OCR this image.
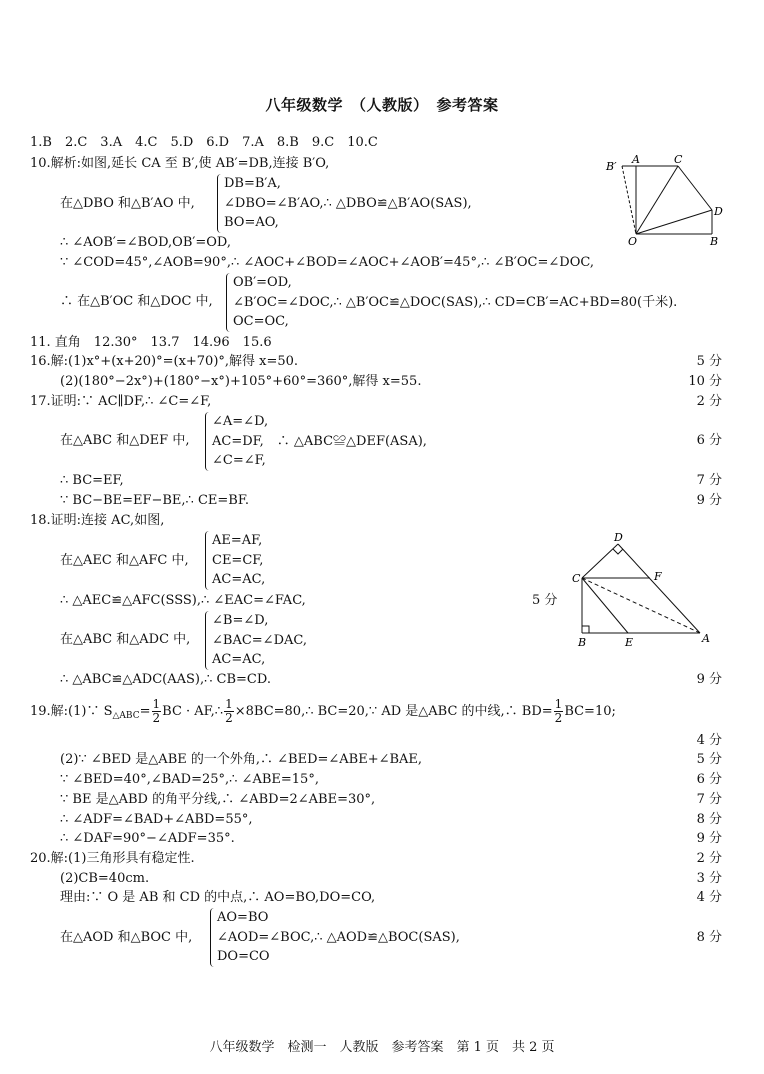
八年级数学　（人教版）　参考答案
1.B　2.C　3.A　4.C　5.D　6.D　7.A　8.B　9.C　10.C
10.解析:如图,延长 CA 至 B′,使 AB′=DB,连接 B′O,
在△DBO 和△B′AO 中,
DB=B′A,
∠DBO=∠B′AO,∴ △DBO≌△B′AO(SAS),
BO=AO,
∴ ∠AOB′=∠BOD,OB′=OD,
∵ ∠COD=45°,∠AOB=90°,∴ ∠AOC+∠BOD=∠AOC+∠AOB′=45°,∴ ∠B′OC=∠DOC,
∴ 在△B′OC 和△DOC 中,
OB′=OD,
∠B′OC=∠DOC,∴ △B′OC≌△DOC(SAS),∴ CD=CB′=AC+BD=80(千米).
OC=OC,
B′
A	C
D
O	B
11. 直角　12.30°　13.7　14.96　15.6
16.解:(1)x°+(x+20)°=(x+70)°,解得 x=50.	5 分
(2)(180°−2x°)+(180°−x°)+105°+60°=360°,解得 x=55.	10 分
17.证明:∵ AC∥DF,∴ ∠C=∠F,	2 分
在△ABC 和△DEF 中,
∠A=∠D,
AC=DF,　∴ △ABC≌△DEF(ASA),
∠C=∠F,
6 分
∴ BC=EF,	7 分
∵ BC−BE=EF−BE,∴ CE=BF.	9 分
18.证明:连接 AC,如图,
在△AEC 和△AFC 中,
AE=AF,
CE=CF,
AC=AC,
∴ △AEC≌△AFC(SSS),∴ ∠EAC=∠FAC,	5 分
在△ABC 和△ADC 中,
∠B=∠D,
∠BAC=∠DAC,
AC=AC,
∴ △ABC≌△ADC(AAS),∴ CB=CD.	9 分
D
C	F
B	E	A
19.解:(1)∵ $S_{\triangle ABC}= \frac{1}{2}$ BC · AF,∴ $\frac{1}{2}$ ×8BC=80,∴ BC=20,∵ AD 是△ABC 的中线,∴ $BD= \frac{1}{2} BC=10$;
4 分
(2)∵ ∠BED 是△ABE 的一个外角,∴ ∠BED=∠ABE+∠BAE,	5 分
∵ ∠BED=40°,∠BAD=25°,∴ ∠ABE=15°,	6 分
∵ BE 是△ABD 的角平分线,∴ ∠ABD=2∠ABE=30°,	7 分
∴ ∠ADF=∠BAD+∠ABD=55°,	8 分
∴ ∠DAF=90°−∠ADF=35°.	9 分
20.解:(1)三角形具有稳定性.	2 分
(2)CB=40cm.	3 分
理由:∵ O 是 AB 和 CD 的中点,∴ AO=BO,DO=CO,	4 分
在△AOD 和△BOC 中,
AO=BO
∠AOD=∠BOC,∴ △AOD≌△BOC(SAS),
DO=CO
8 分
八年级数学　检测一　人教版　参考答案　第 1 页　共 2 页
